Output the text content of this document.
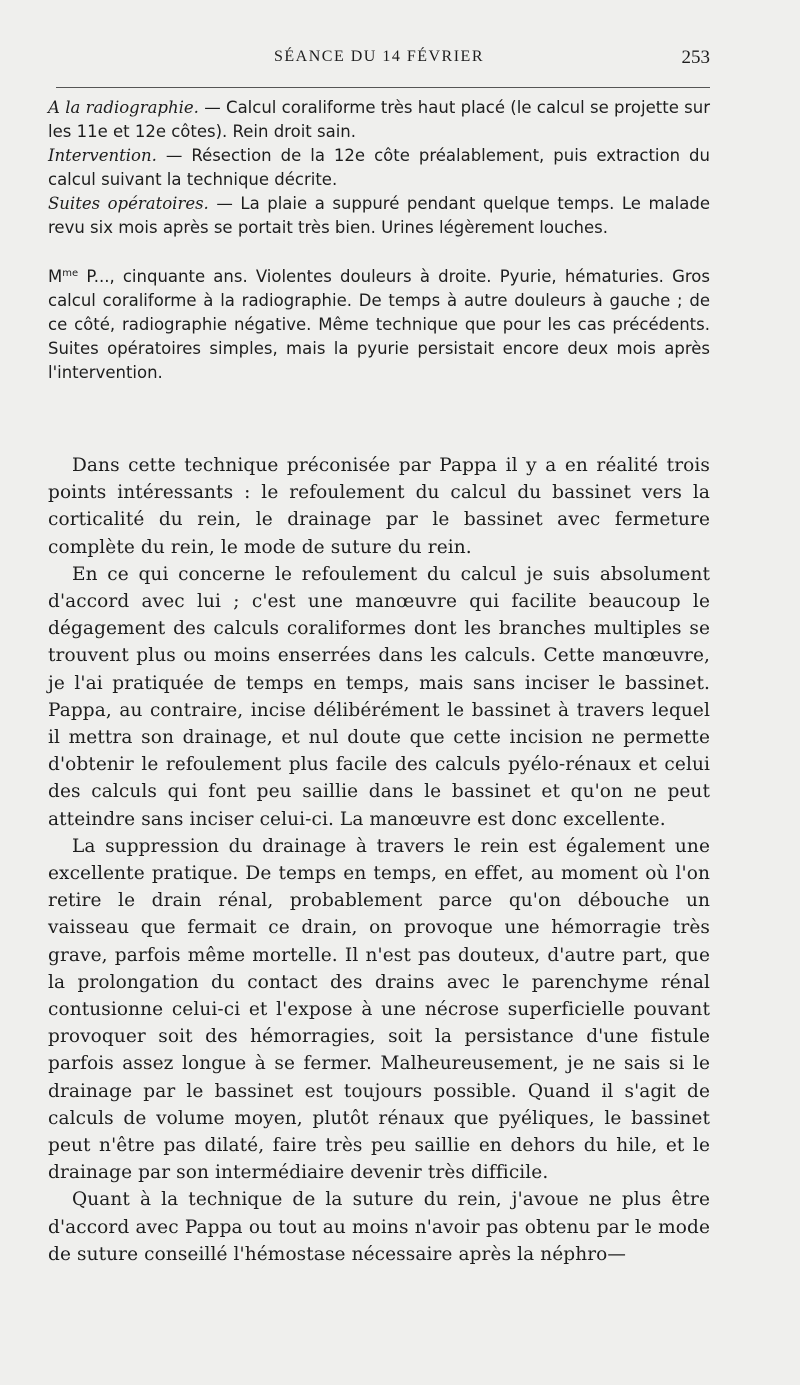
SÉANCE DU 14 FÉVRIER	253

A la radiographie. — Calcul coraliforme très haut placé (le calcul se projette sur les 11e et 12e côtes). Rein droit sain.

Intervention. — Résection de la 12e côte préalablement, puis extraction du calcul suivant la technique décrite.

Suites opératoires. — La plaie a suppuré pendant quelque temps. Le malade revu six mois après se portait très bien. Urines légèrement louches.

$M^{me}$ P..., cinquante ans. Violentes douleurs à droite. Pyurie, hématuries. Gros calcul coraliforme à la radiographie. De temps à autre douleurs à gauche ; de ce côté, radiographie négative. Même technique que pour les cas précédents. Suites opératoires simples, mais la pyurie persistait encore deux mois après l'intervention.

Dans cette technique préconisée par Pappa il y a en réalité trois points intéressants : le refoulement du calcul du bassinet vers la corticalité du rein, le drainage par le bassinet avec fermeture complète du rein, le mode de suture du rein.

En ce qui concerne le refoulement du calcul je suis absolument d'accord avec lui ; c'est une manœuvre qui facilite beaucoup le dégagement des calculs coraliformes dont les branches multiples se trouvent plus ou moins enserrées dans les calculs. Cette manœuvre, je l'ai pratiquée de temps en temps, mais sans inciser le bassinet. Pappa, au contraire, incise délibérément le bassinet à travers lequel il mettra son drainage, et nul doute que cette incision ne permette d'obtenir le refoulement plus facile des calculs pyélo-rénaux et celui des calculs qui font peu saillie dans le bassinet et qu'on ne peut atteindre sans inciser celui-ci. La manœuvre est donc excellente.

La suppression du drainage à travers le rein est également une excellente pratique. De temps en temps, en effet, au moment où l'on retire le drain rénal, probablement parce qu'on débouche un vaisseau que fermait ce drain, on provoque une hémorragie très grave, parfois même mortelle. Il n'est pas douteux, d'autre part, que la prolongation du contact des drains avec le parenchyme rénal contusionne celui-ci et l'expose à une nécrose superficielle pouvant provoquer soit des hémorragies, soit la persistance d'une fistule parfois assez longue à se fermer. Malheureusement, je ne sais si le drainage par le bassinet est toujours possible. Quand il s'agit de calculs de volume moyen, plutôt rénaux que pyéliques, le bassinet peut n'être pas dilaté, faire très peu saillie en dehors du hile, et le drainage par son intermédiaire devenir très difficile.

Quant à la technique de la suture du rein, j'avoue ne plus être d'accord avec Pappa ou tout au moins n'avoir pas obtenu par le mode de suture conseillé l'hémostase nécessaire après la néphro—
